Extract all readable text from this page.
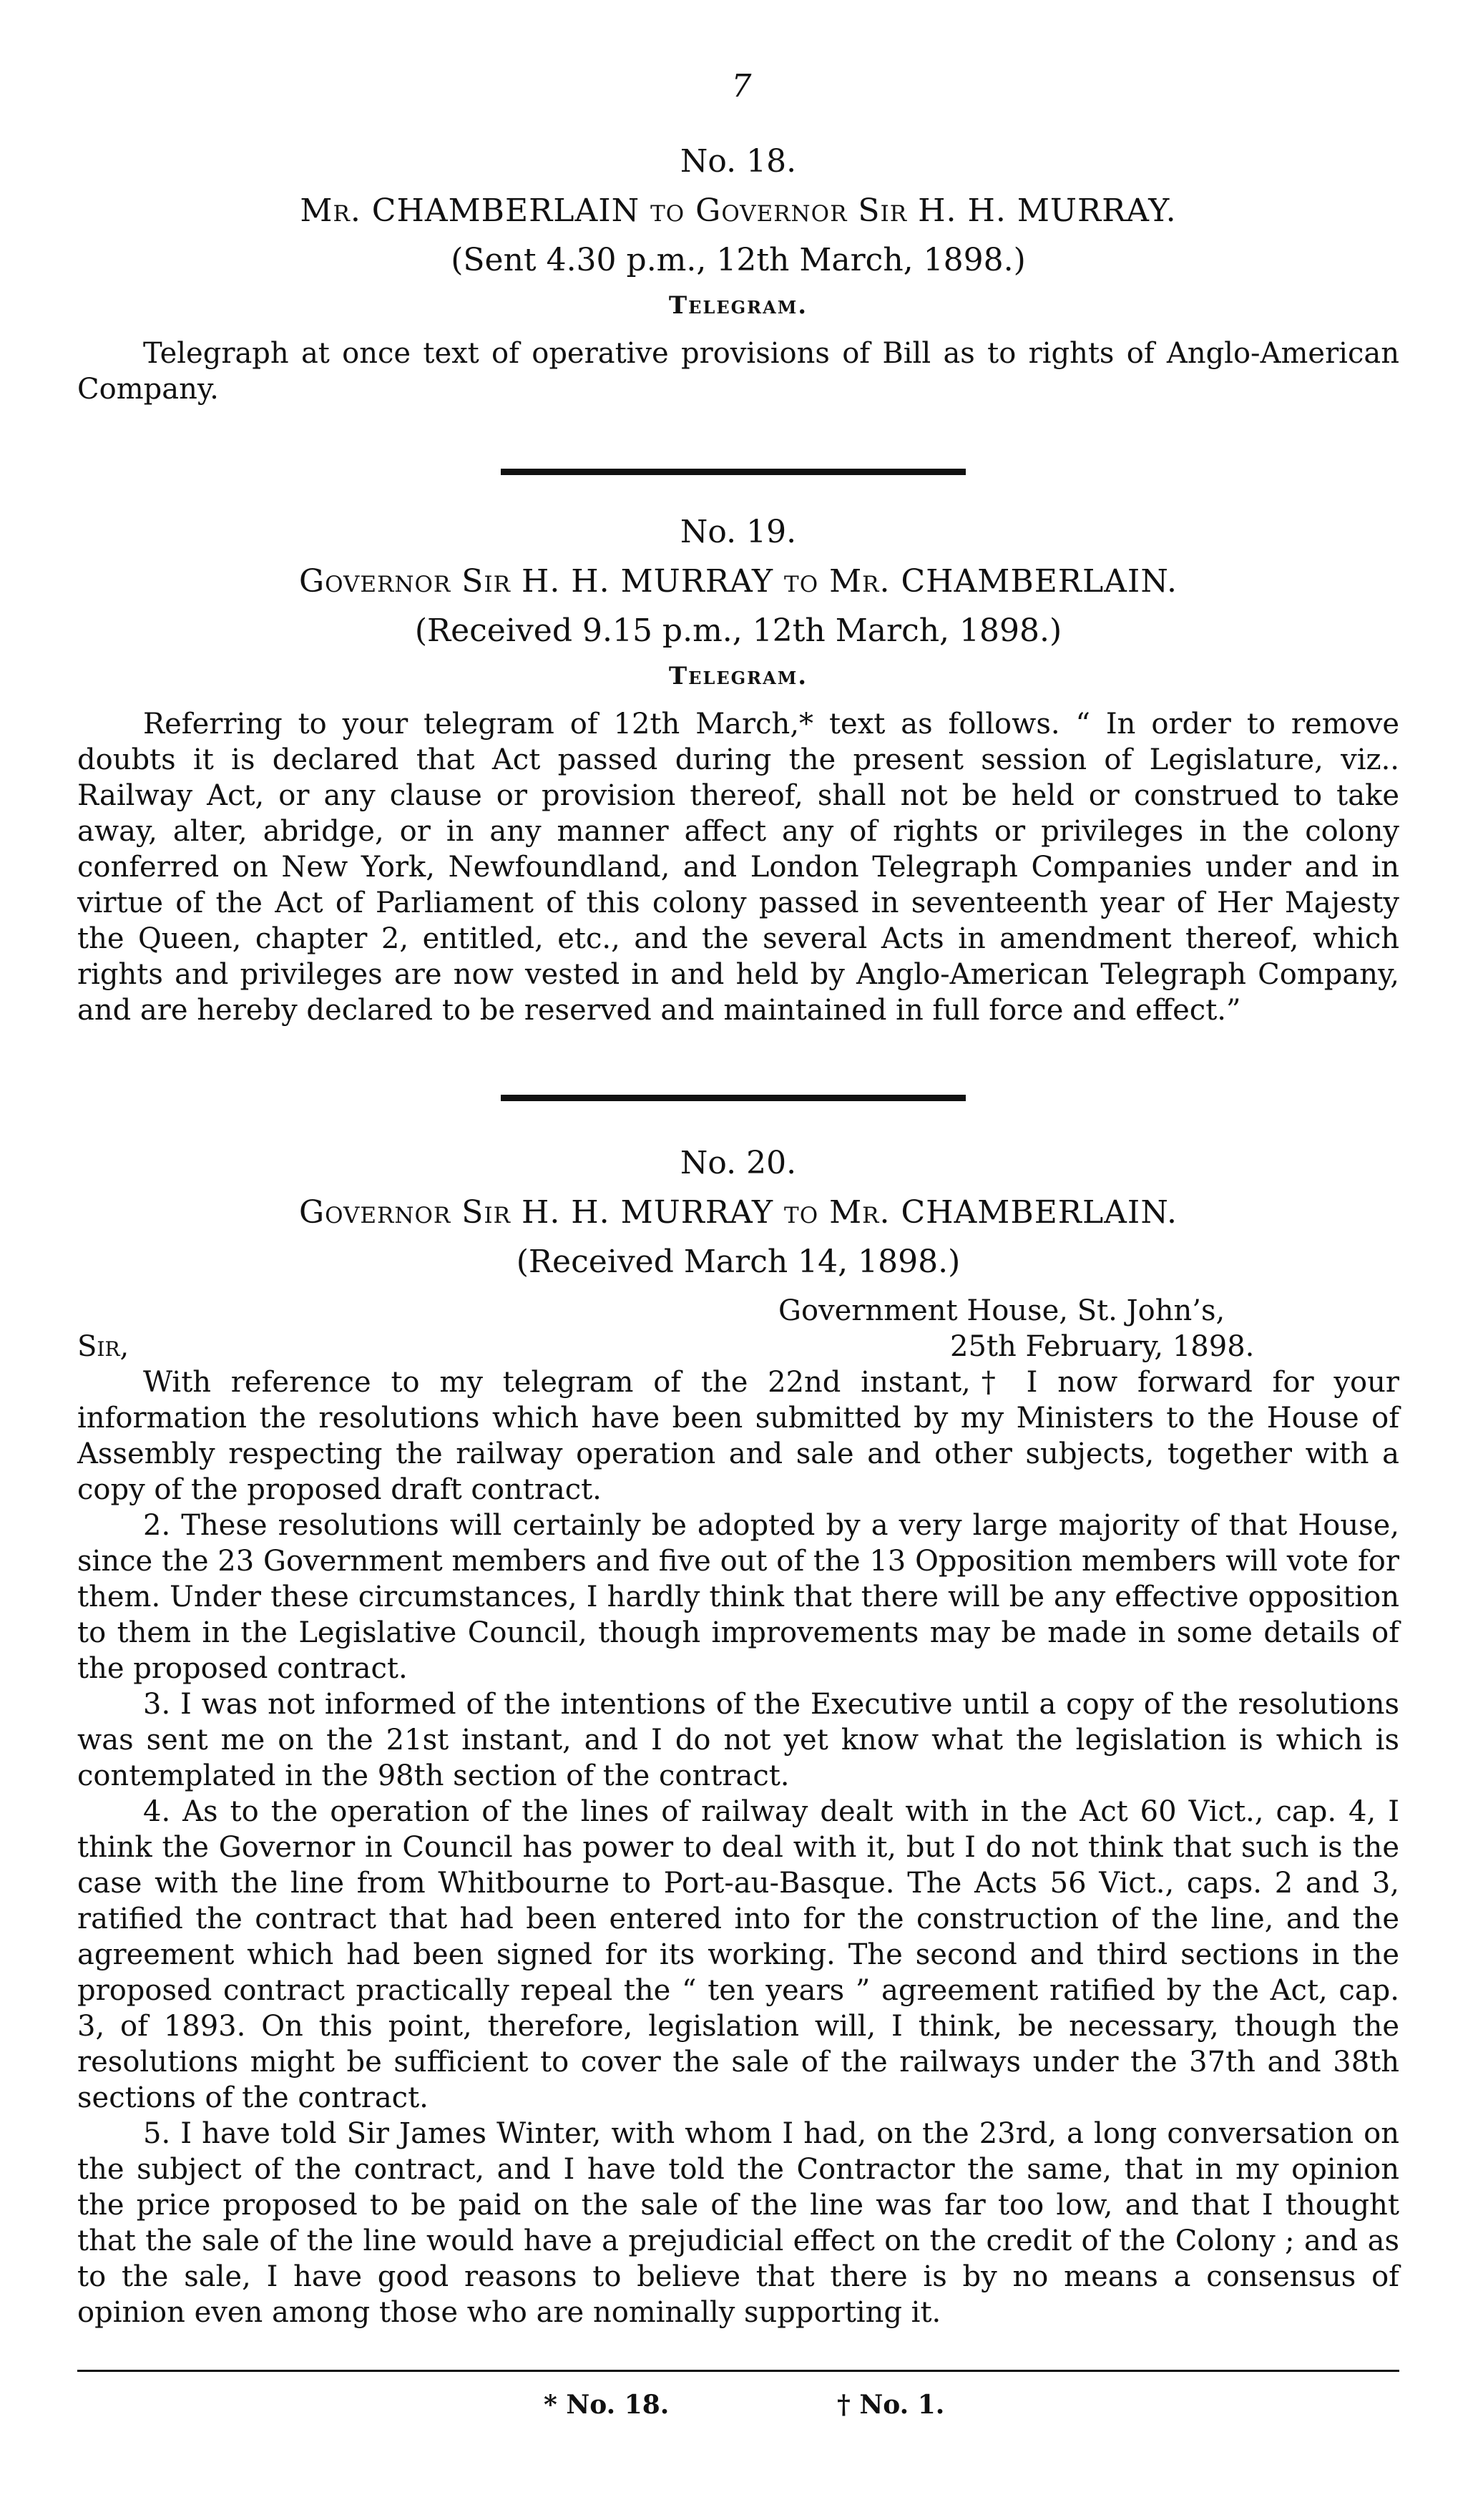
7
No. 18.
Mr. CHAMBERLAIN to Governor Sir H. H. MURRAY.
(Sent 4.30 p.m., 12th March, 1898.)
Telegram.

Telegraph at once text of operative provisions of Bill as to rights of Anglo-American Company.

No. 19.
Governor Sir H. H. MURRAY to Mr. CHAMBERLAIN.
(Received 9.15 p.m., 12th March, 1898.)
Telegram.

Referring to your telegram of 12th March,* text as follows. “ In order to remove doubts it is declared that Act passed during the present session of Legislature, viz.. Railway Act, or any clause or provision thereof, shall not be held or construed to take away, alter, abridge, or in any manner affect any of rights or privileges in the colony conferred on New York, Newfoundland, and London Telegraph Companies under and in virtue of the Act of Parliament of this colony passed in seventeenth year of Her Majesty the Queen, chapter 2, entitled, etc., and the several Acts in amendment thereof, which rights and privileges are now vested in and held by Anglo-American Telegraph Company, and are hereby declared to be reserved and maintained in full force and effect.”

No. 20.
Governor Sir H. H. MURRAY to Mr. CHAMBERLAIN.
(Received March 14, 1898.)
Government House, St. John’s,
25th February, 1898.
Sir,

With reference to my telegram of the 22nd instant,† I now forward for your information the resolutions which have been submitted by my Ministers to the House of Assembly respecting the railway operation and sale and other subjects, together with a copy of the proposed draft contract.

2. These resolutions will certainly be adopted by a very large majority of that House, since the 23 Government members and five out of the 13 Opposition members will vote for them. Under these circumstances, I hardly think that there will be any effective opposition to them in the Legislative Council, though improvements may be made in some details of the proposed contract.

3. I was not informed of the intentions of the Executive until a copy of the resolutions was sent me on the 21st instant, and I do not yet know what the legislation is which is contemplated in the 98th section of the contract.

4. As to the operation of the lines of railway dealt with in the Act 60 Vict., cap. 4, I think the Governor in Council has power to deal with it, but I do not think that such is the case with the line from Whitbourne to Port-au-Basque. The Acts 56 Vict., caps. 2 and 3, ratified the contract that had been entered into for the construction of the line, and the agreement which had been signed for its working. The second and third sections in the proposed contract practically repeal the “ ten years ” agreement ratified by the Act, cap. 3, of 1893. On this point, therefore, legislation will, I think, be necessary, though the resolutions might be sufficient to cover the sale of the railways under the 37th and 38th sections of the contract.

5. I have told Sir James Winter, with whom I had, on the 23rd, a long conversation on the subject of the contract, and I have told the Contractor the same, that in my opinion the price proposed to be paid on the sale of the line was far too low, and that I thought that the sale of the line would have a prejudicial effect on the credit of the Colony ; and as to the sale, I have good reasons to believe that there is by no means a consensus of opinion even among those who are nominally supporting it.

* No. 18.	† No. 1.
